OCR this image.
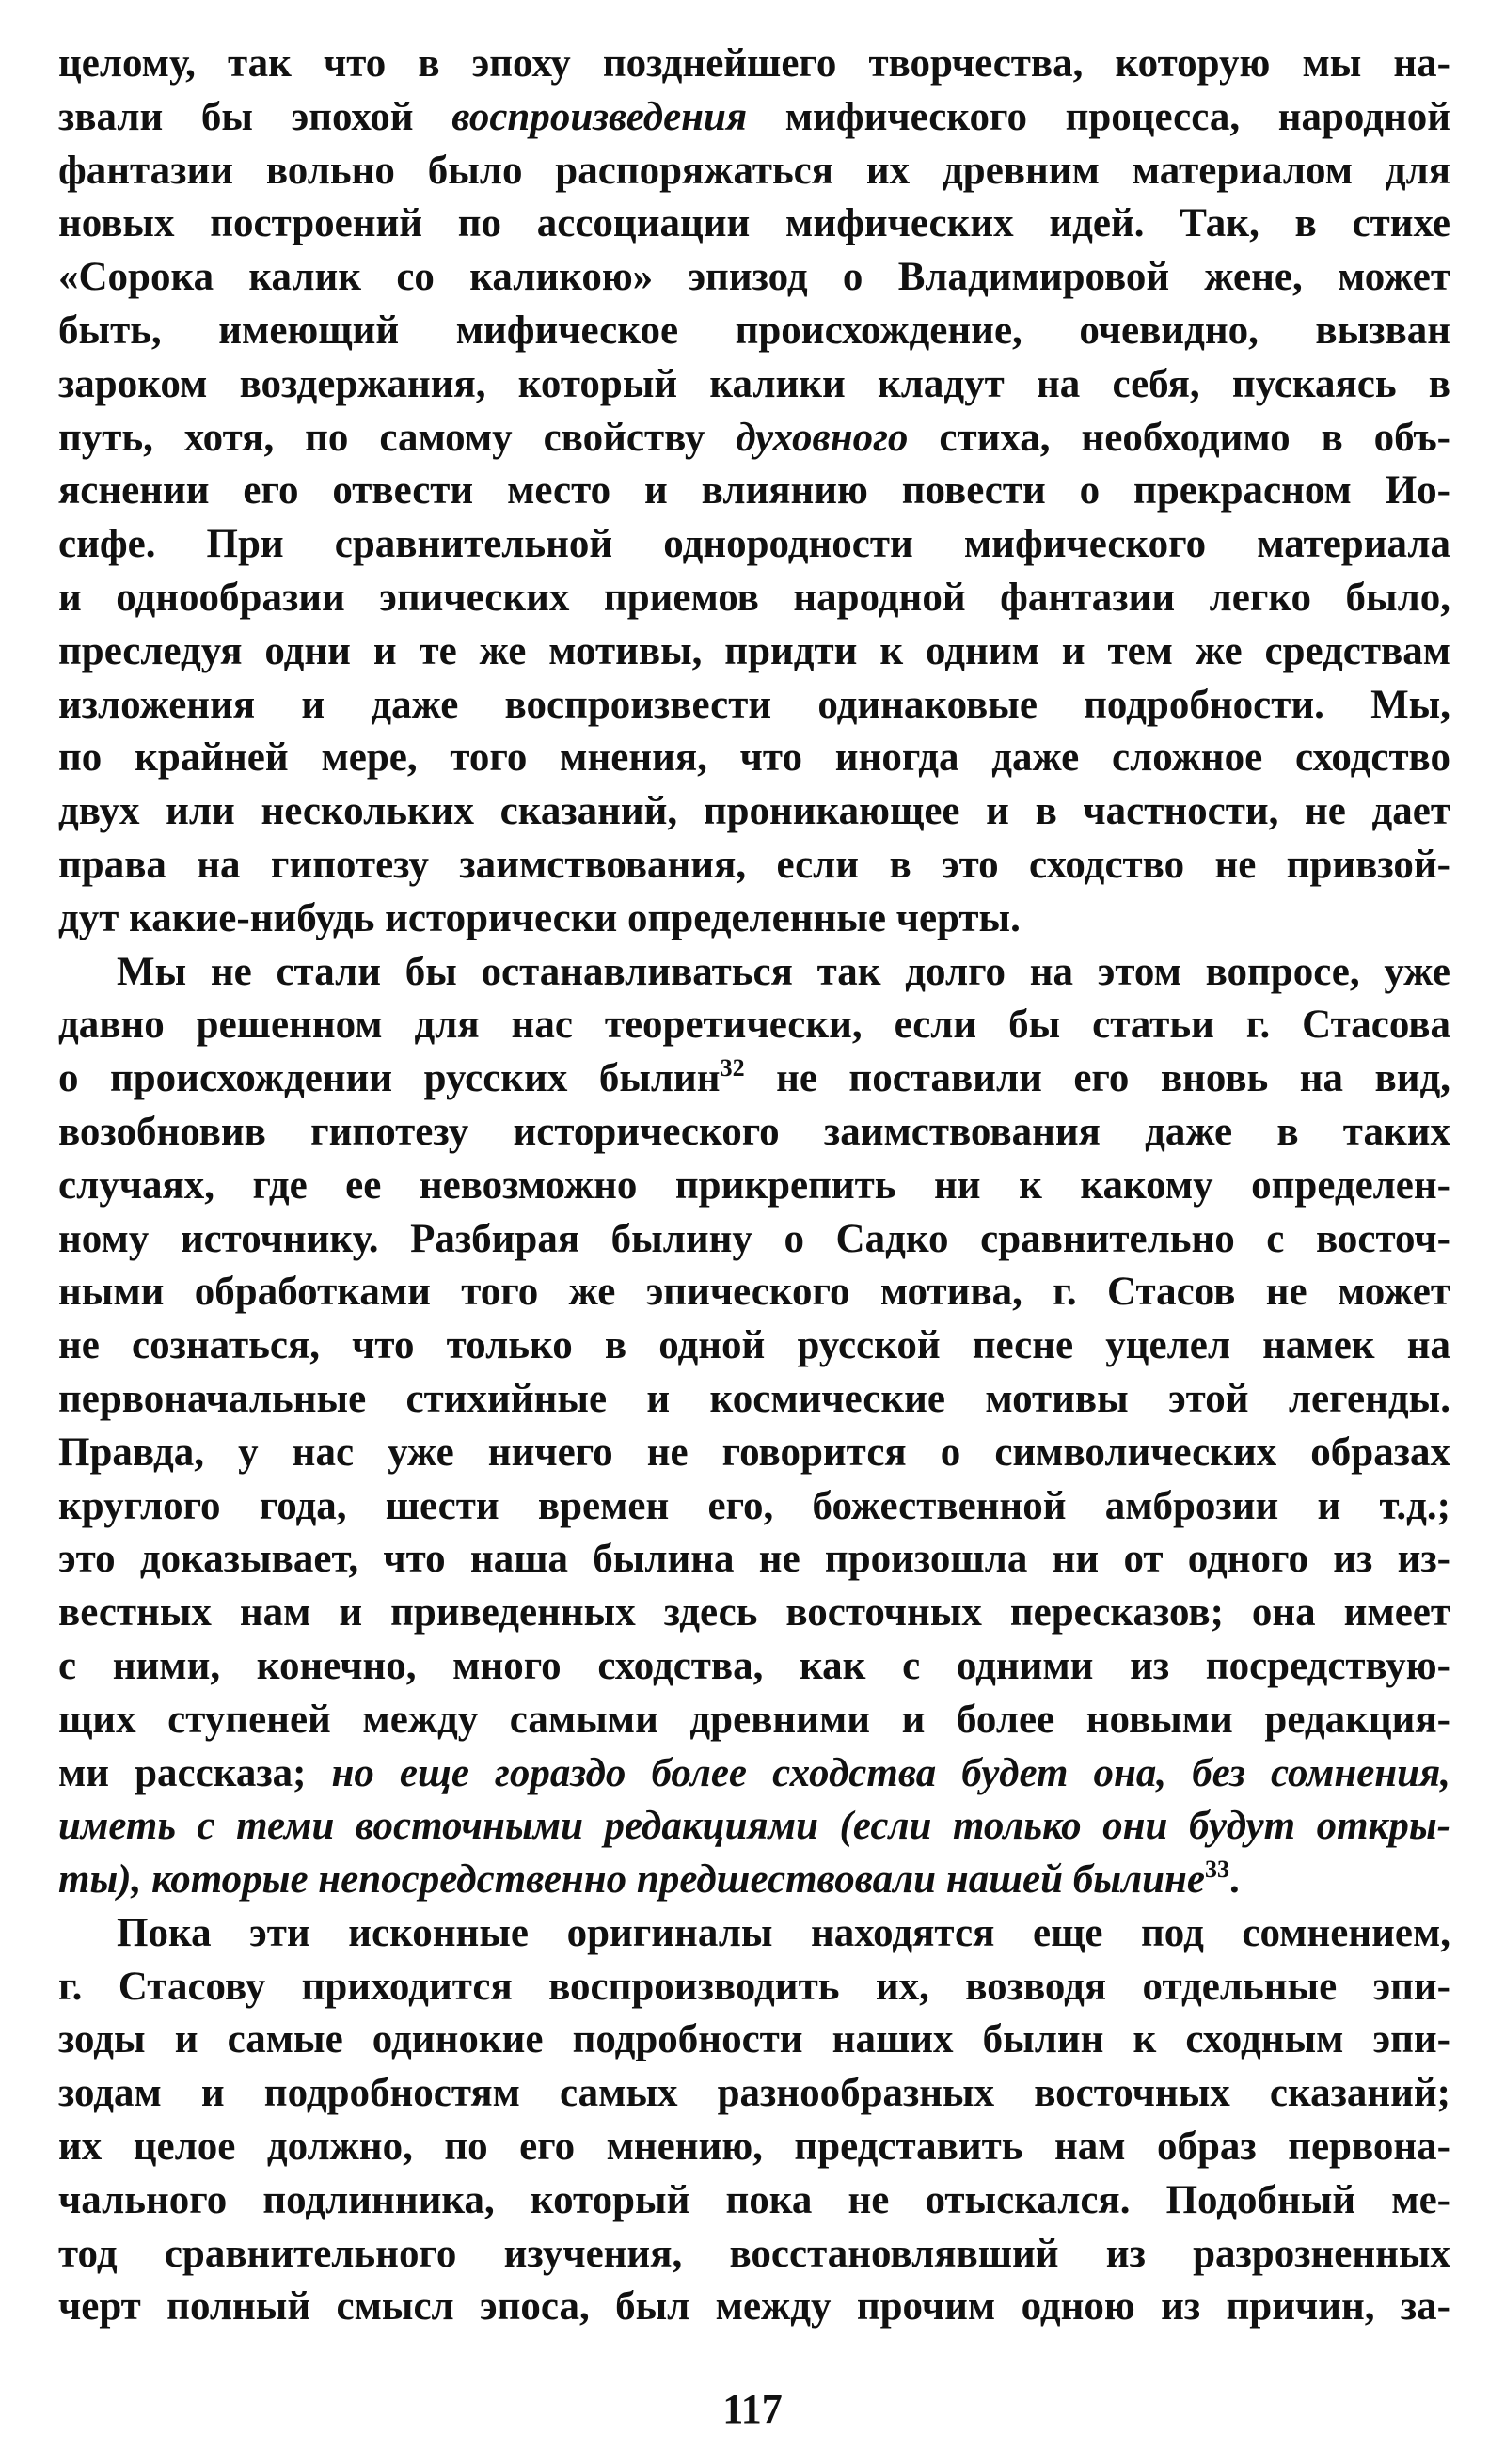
целому, так что в эпоху позднейшего творчества, которую мы на-
звали бы эпохой воспроизведения мифического процесса, народной
фантазии вольно было распоряжаться их древним материалом для
новых построений по ассоциации мифических идей. Так, в стихе
«Сорока калик со каликою» эпизод о Владимировой жене, может
быть, имеющий мифическое происхождение, очевидно, вызван
зароком воздержания, который калики кладут на себя, пускаясь в
путь, хотя, по самому свойству духовного стиха, необходимо в объ-
яснении его отвести место и влиянию повести о прекрасном Ио-
сифе. При сравнительной однородности мифического материала
и однообразии эпических приемов народной фантазии легко было,
преследуя одни и те же мотивы, придти к одним и тем же средствам
изложения и даже воспроизвести одинаковые подробности. Мы,
по крайней мере, того мнения, что иногда даже сложное сходство
двух или нескольких сказаний, проникающее и в частности, не дает
права на гипотезу заимствования, если в это сходство не привзой-
дут какие-нибудь исторически определенные черты.
Мы не стали бы останавливаться так долго на этом вопросе, уже
давно решенном для нас теоретически, если бы статьи г. Стасова
о происхождении русских былин$^{32}$ не поставили его вновь на вид,
возобновив гипотезу исторического заимствования даже в таких
случаях, где ее невозможно прикрепить ни к какому определен-
ному источнику. Разбирая былину о Садко сравнительно с восточ-
ными обработками того же эпического мотива, г. Стасов не может
не сознаться, что только в одной русской песне уцелел намек на
первоначальные стихийные и космические мотивы этой легенды.
Правда, у нас уже ничего не говорится о символических образах
круглого года, шести времен его, божественной амброзии и т.д.;
это доказывает, что наша былина не произошла ни от одного из из-
вестных нам и приведенных здесь восточных пересказов; она имеет
с ними, конечно, много сходства, как с одними из посредствую-
щих ступеней между самыми древними и более новыми редакция-
ми рассказа; но еще гораздо более сходства будет она, без сомнения,
иметь с теми восточными редакциями (если только они будут откры-
ты), которые непосредственно предшествовали нашей былине$^{33}$.
Пока эти исконные оригиналы находятся еще под сомнением,
г. Стасову приходится воспроизводить их, возводя отдельные эпи-
зоды и самые одинокие подробности наших былин к сходным эпи-
зодам и подробностям самых разнообразных восточных сказаний;
их целое должно, по его мнению, представить нам образ первона-
чального подлинника, который пока не отыскался. Подобный ме-
тод сравнительного изучения, восстановлявший из разрозненных
черт полный смысл эпоса, был между прочим одною из причин, за-
117
